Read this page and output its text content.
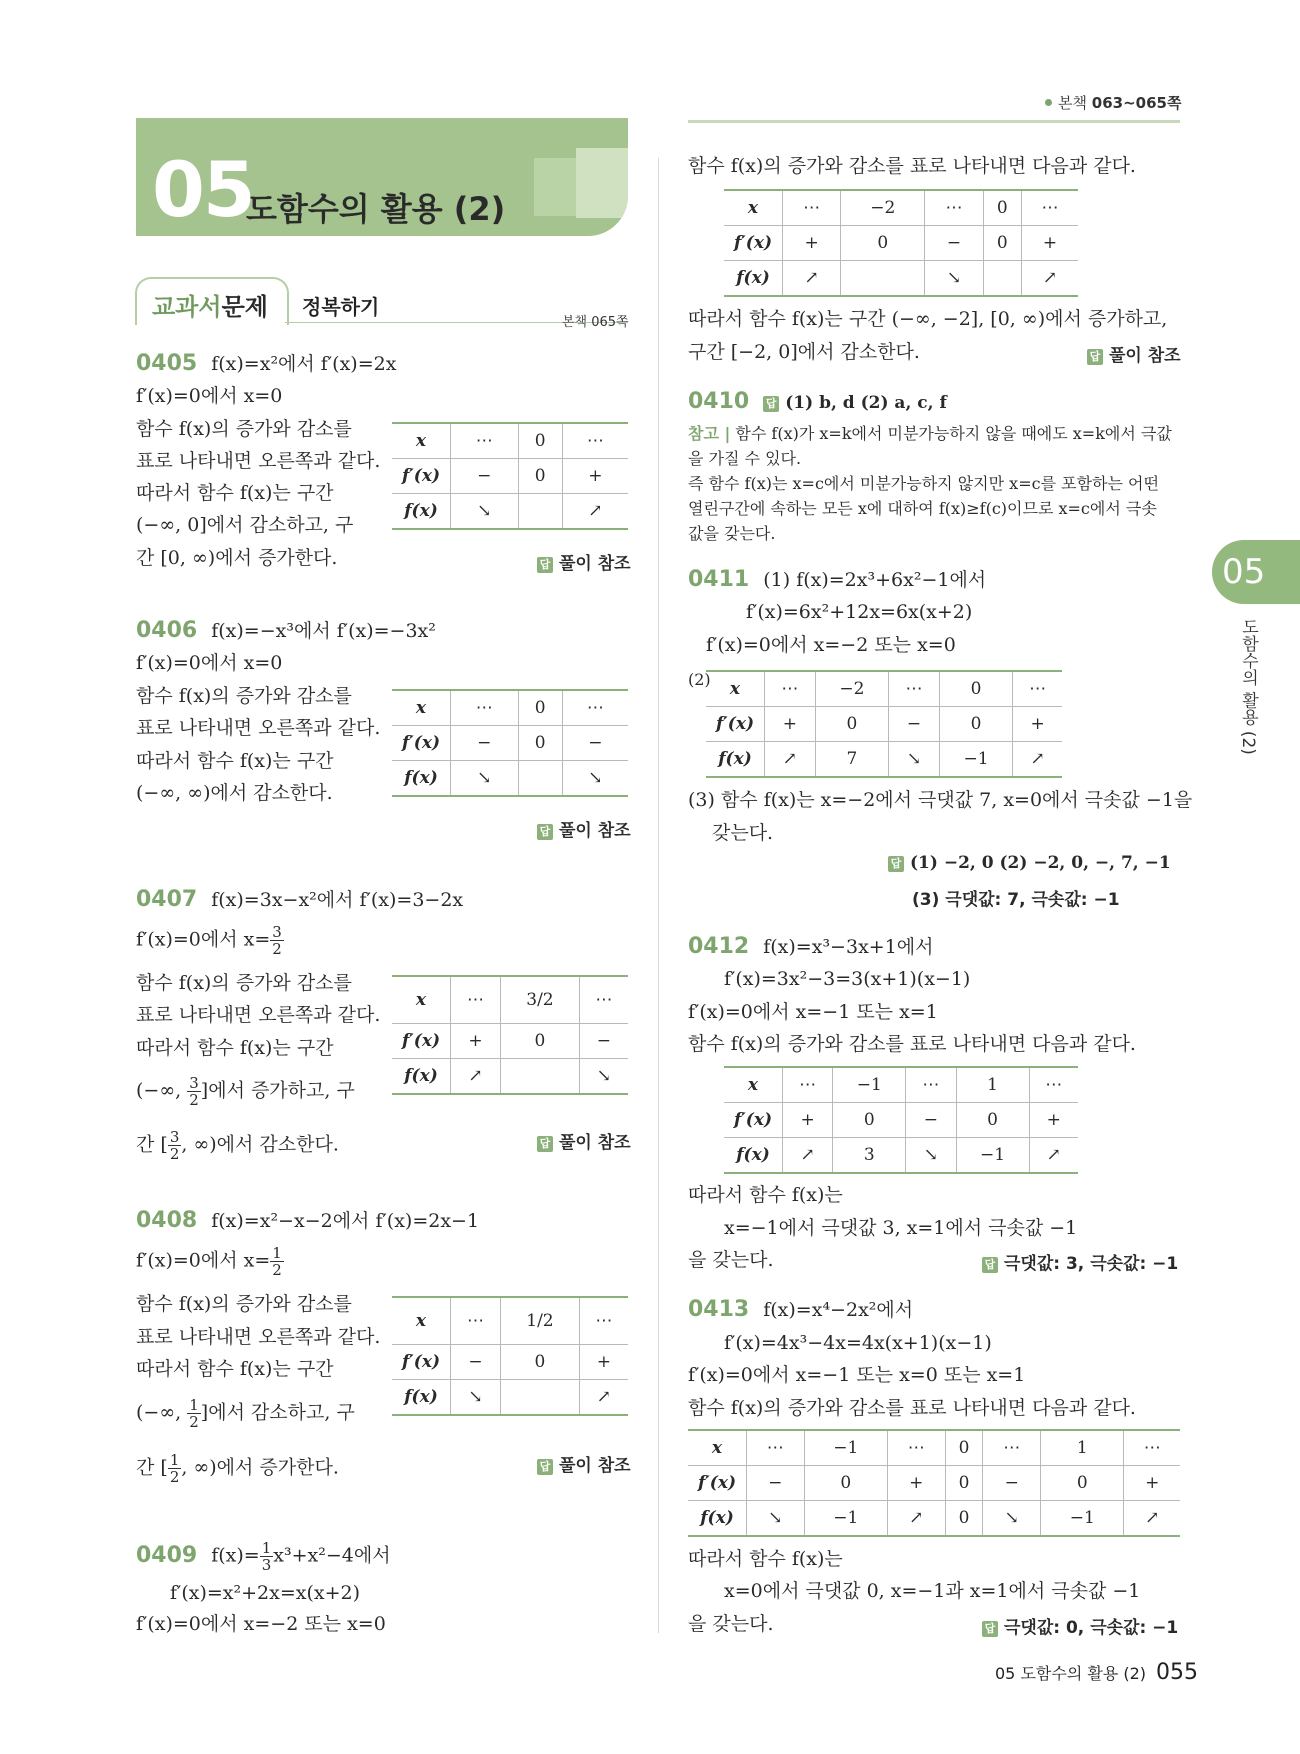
본책 063~065쪽
05
도함수의 활용 (2)
교과서문제 정복하기
본책 065쪽
0405 f(x)=x²에서 f′(x)=2x
f′(x)=0에서 x=0
함수 f(x)의 증가와 감소를
표로 나타내면 오른쪽과 같다.
따라서 함수 f(x)는 구간
(−∞, 0]에서 감소하고, 구
간 [0, ∞)에서 증가한다.
x	⋯	0	⋯
f′(x)	−	0	+
f(x)	↘		↗
답 풀이 참조
0406 f(x)=−x³에서 f′(x)=−3x²
f′(x)=0에서 x=0
함수 f(x)의 증가와 감소를
표로 나타내면 오른쪽과 같다.
따라서 함수 f(x)는 구간
(−∞, ∞)에서 감소한다.
x	⋯	0	⋯
f′(x)	−	0	−
f(x)	↘		↘
답 풀이 참조
0407 f(x)=3x−x²에서 f′(x)=3−2x
f′(x)=0에서 $x= \frac{3}{2}$
함수 f(x)의 증가와 감소를
표로 나타내면 오른쪽과 같다.
따라서 함수 f(x)는 구간
(−∞, $\frac{3}{2}$ ]에서 증가하고, 구
간 [ $\frac{3}{2}$ , ∞)에서 감소한다.
x	⋯	3/2	⋯
f′(x)	+	0	−
f(x)	↗		↘
답 풀이 참조
0408 f(x)=x²−x−2에서 f′(x)=2x−1
f′(x)=0에서 $x= \frac{1}{2}$
함수 f(x)의 증가와 감소를
표로 나타내면 오른쪽과 같다.
따라서 함수 f(x)는 구간
(−∞, $\frac{1}{2}$ ]에서 감소하고, 구
간 [ $\frac{1}{2}$ , ∞)에서 증가한다.
x	⋯	1/2	⋯
f′(x)	−	0	+
f(x)	↘		↗
답 풀이 참조
0409 $f(x)= \frac{1}{3} x^3+x^2-4$에서
f′(x)=x²+2x=x(x+2)
f′(x)=0에서 x=−2 또는 x=0
함수 f(x)의 증가와 감소를 표로 나타내면 다음과 같다.
x	⋯	−2	⋯	0	⋯
f′(x)	+	0	−	0	+
f(x)	↗		↘		↗
따라서 함수 f(x)는 구간 (−∞, −2], [0, ∞)에서 증가하고,
구간 [−2, 0]에서 감소한다.	답 풀이 참조
0410 답 (1) b, d (2) a, c, f
참고 | 함수 f(x)가 x=k에서 미분가능하지 않을 때에도 x=k에서 극값
을 가질 수 있다.
즉 함수 f(x)는 x=c에서 미분가능하지 않지만 x=c를 포함하는 어떤
열린구간에 속하는 모든 x에 대하여 f(x)≥f(c)이므로 x=c에서 극솟
값을 갖는다.
0411 (1) f(x)=2x³+6x²−1에서
f′(x)=6x²+12x=6x(x+2)
f′(x)=0에서 x=−2 또는 x=0
(2) x	⋯	−2	⋯	0	⋯
f′(x)	+	0	−	0	+
f(x)	↗	7	↘	−1	↗
(3) 함수 f(x)는 x=−2에서 극댓값 7, x=0에서 극솟값 −1을
갖는다.
답 (1) −2, 0 (2) −2, 0, −, 7, −1
(3) 극댓값: 7, 극솟값: −1
0412 f(x)=x³−3x+1에서
f′(x)=3x²−3=3(x+1)(x−1)
f′(x)=0에서 x=−1 또는 x=1
함수 f(x)의 증가와 감소를 표로 나타내면 다음과 같다.
x	⋯	−1	⋯	1	⋯
f′(x)	+	0	−	0	+
f(x)	↗	3	↘	−1	↗
따라서 함수 f(x)는
x=−1에서 극댓값 3, x=1에서 극솟값 −1
을 갖는다.	답 극댓값: 3, 극솟값: −1
0413 f(x)=x⁴−2x²에서
f′(x)=4x³−4x=4x(x+1)(x−1)
f′(x)=0에서 x=−1 또는 x=0 또는 x=1
함수 f(x)의 증가와 감소를 표로 나타내면 다음과 같다.
x	⋯	−1	⋯	0	⋯	1	⋯
f′(x)	−	0	+	0	−	0	+
f(x)	↘	−1	↗	0	↘	−1	↗
따라서 함수 f(x)는
x=0에서 극댓값 0, x=−1과 x=1에서 극솟값 −1
을 갖는다.	답 극댓값: 0, 극솟값: −1
05
도함수의 활용 (2)
05 도함수의 활용 (2) 055
